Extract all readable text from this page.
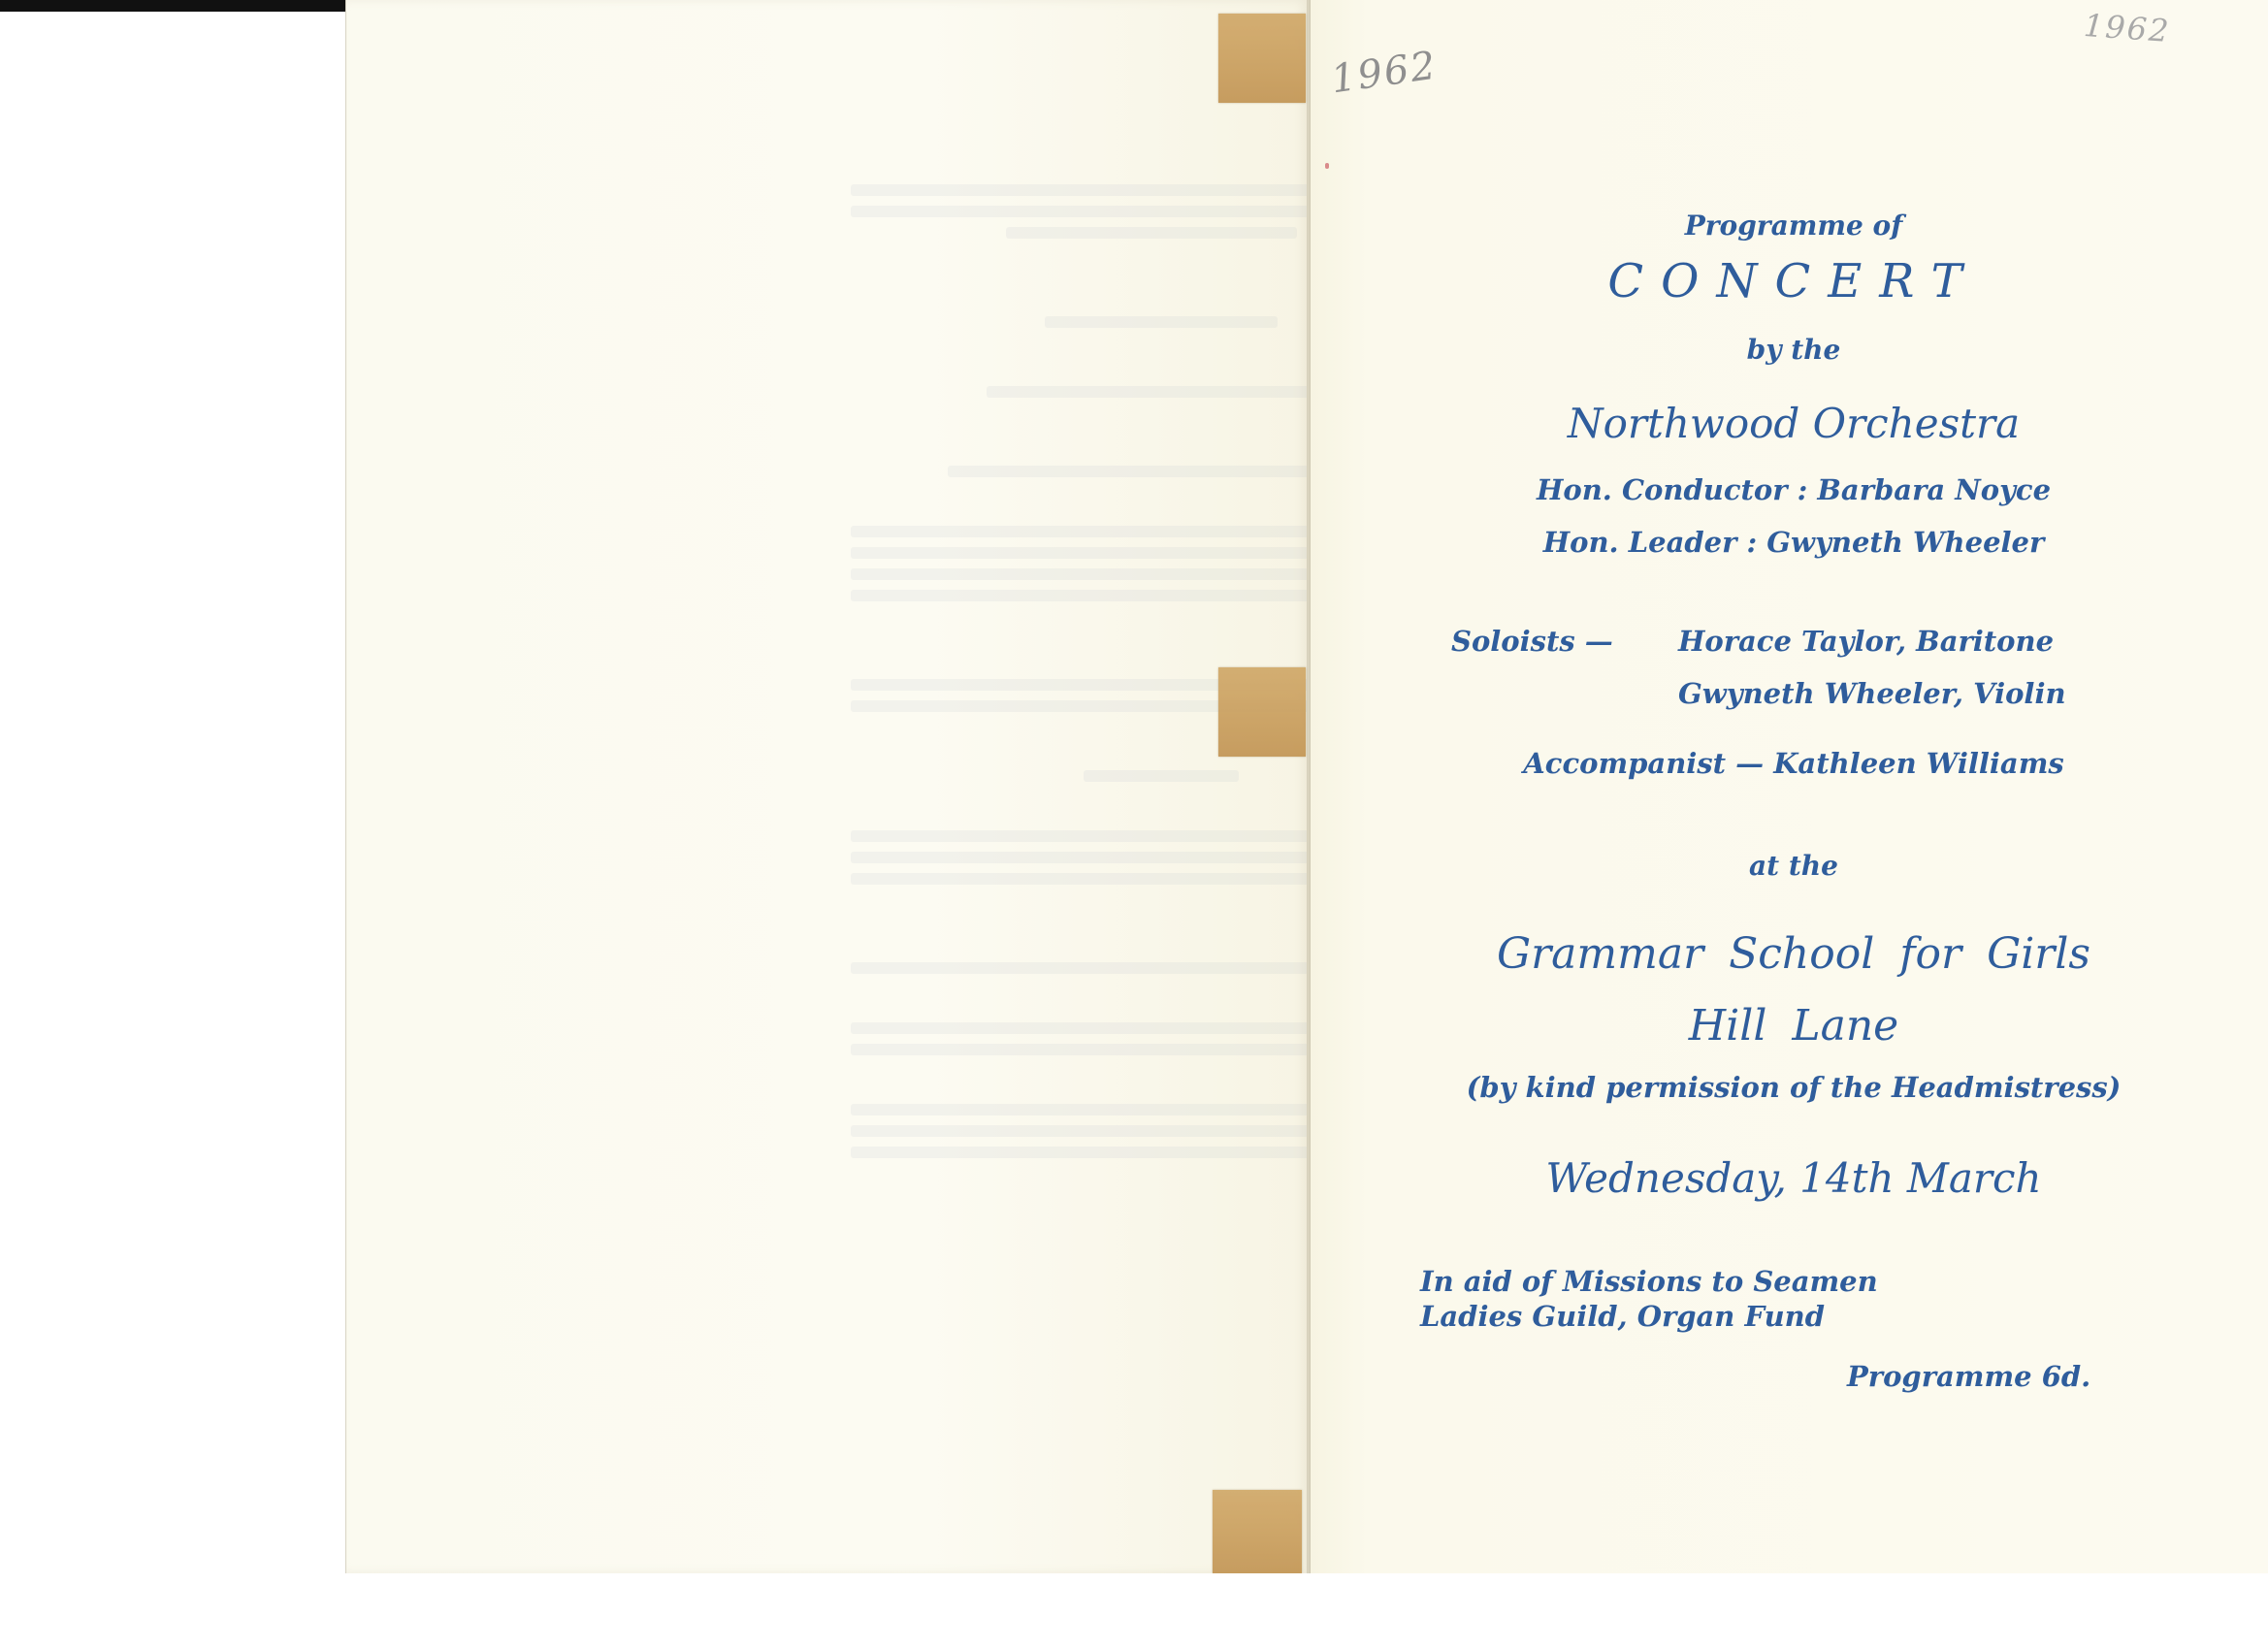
1962
1962
Programme of
CONCERT
by the
Northwood Orchestra
Hon. Conductor : Barbara Noyce
Hon. Leader : Gwyneth Wheeler
Soloists — Horace Taylor, Baritone
Gwyneth Wheeler, Violin
Accompanist — Kathleen Williams
at the
Grammar School for Girls
Hill Lane
(by kind permission of the Headmistress)
Wednesday, 14th March
In aid of Missions to Seamen
Ladies Guild, Organ Fund
Programme 6d.
